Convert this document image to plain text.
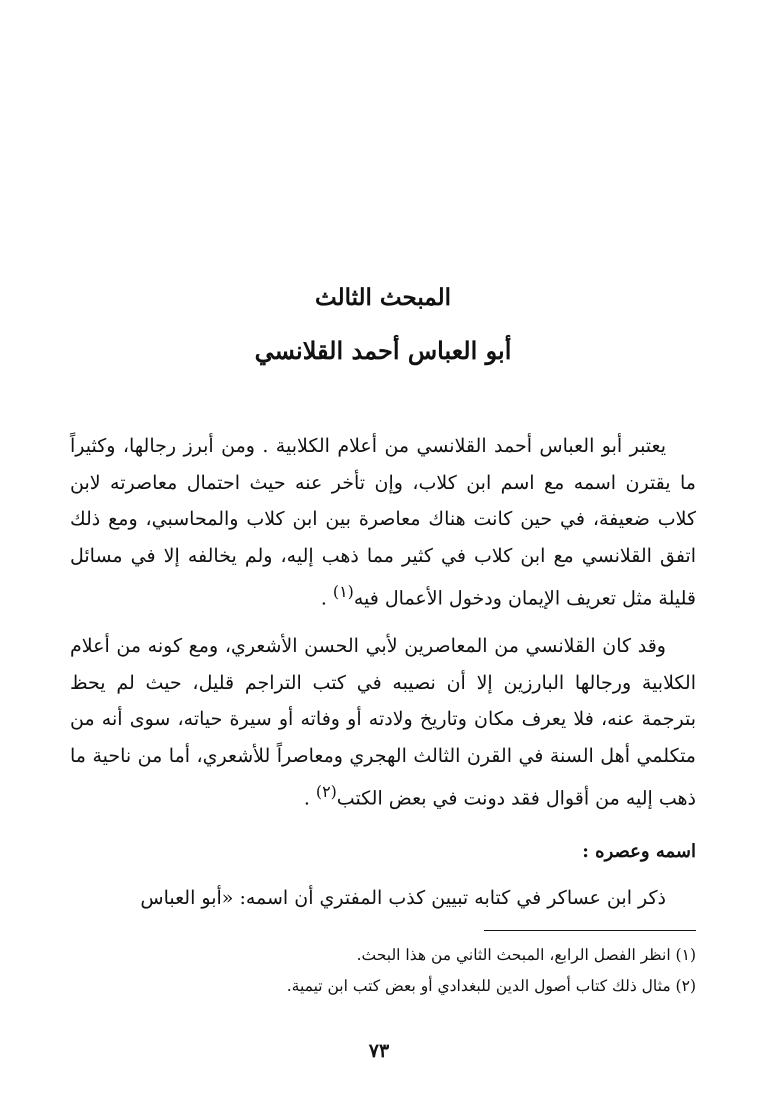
المبحث الثالث
أبو العباس أحمد القلانسي

يعتبر أبو العباس أحمد القلانسي من أعلام الكلابية . ومن أبرز رجالها، وكثيراً ما يقترن اسمه مع اسم ابن كلاب، وإن تأخر عنه حيث احتمال معاصرته لابن كلاب ضعيفة، في حين كانت هناك معاصرة بين ابن كلاب والمحاسبي، ومع ذلك اتفق القلانسي مع ابن كلاب في كثير مما ذهب إليه، ولم يخالفه إلا في مسائل قليلة مثل تعريف الإيمان ودخول الأعمال فيه$^{(١)}$ .

وقد كان القلانسي من المعاصرين لأبي الحسن الأشعري، ومع كونه من أعلام الكلابية ورجالها البارزين إلا أن نصيبه في كتب التراجم قليل، حيث لم يحظ بترجمة عنه، فلا يعرف مكان وتاريخ ولادته أو وفاته أو سيرة حياته، سوى أنه من متكلمي أهل السنة في القرن الثالث الهجري ومعاصراً للأشعري، أما من ناحية ما ذهب إليه من أقوال فقد دونت في بعض الكتب$^{(٢)}$ .

اسمه وعصره :

ذكر ابن عساكر في كتابه تبيين كذب المفتري أن اسمه: «أبو العباس

(١) انظر الفصل الرابع، المبحث الثاني من هذا البحث.
(٢) مثال ذلك كتاب أصول الدين للبغدادي أو بعض كتب ابن تيمية.
٧٣
